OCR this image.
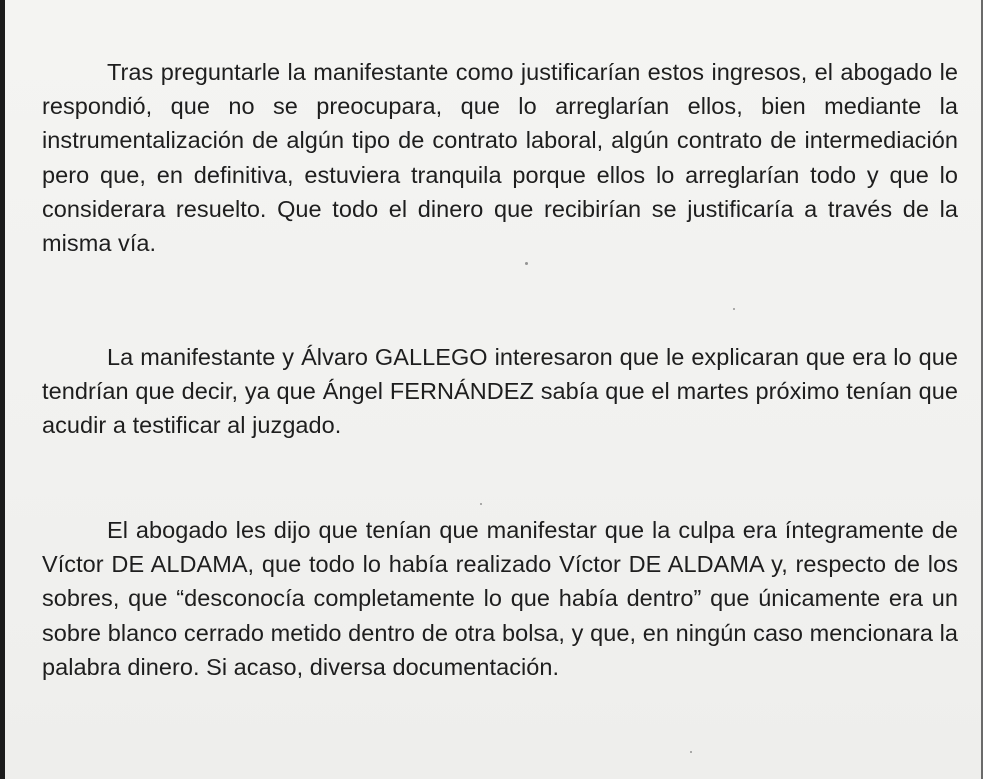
Tras preguntarle la manifestante como justificarían estos ingresos, el abogado le respondió, que no se preocupara, que lo arreglarían ellos, bien mediante la instrumentalización de algún tipo de contrato laboral, algún contrato de intermediación pero que, en definitiva, estuviera tranquila porque ellos lo arreglarían todo y que lo considerara resuelto. Que todo el dinero que recibirían se justificaría a través de la misma vía.

La manifestante y Álvaro GALLEGO interesaron que le explicaran que era lo que tendrían que decir, ya que Ángel FERNÁNDEZ sabía que el martes próximo tenían que acudir a testificar al juzgado.

El abogado les dijo que tenían que manifestar que la culpa era íntegramente de Víctor DE ALDAMA, que todo lo había realizado Víctor DE ALDAMA y, respecto de los sobres, que “desconocía completamente lo que había dentro” que únicamente era un sobre blanco cerrado metido dentro de otra bolsa, y que, en ningún caso mencionara la palabra dinero. Si acaso, diversa documentación.
